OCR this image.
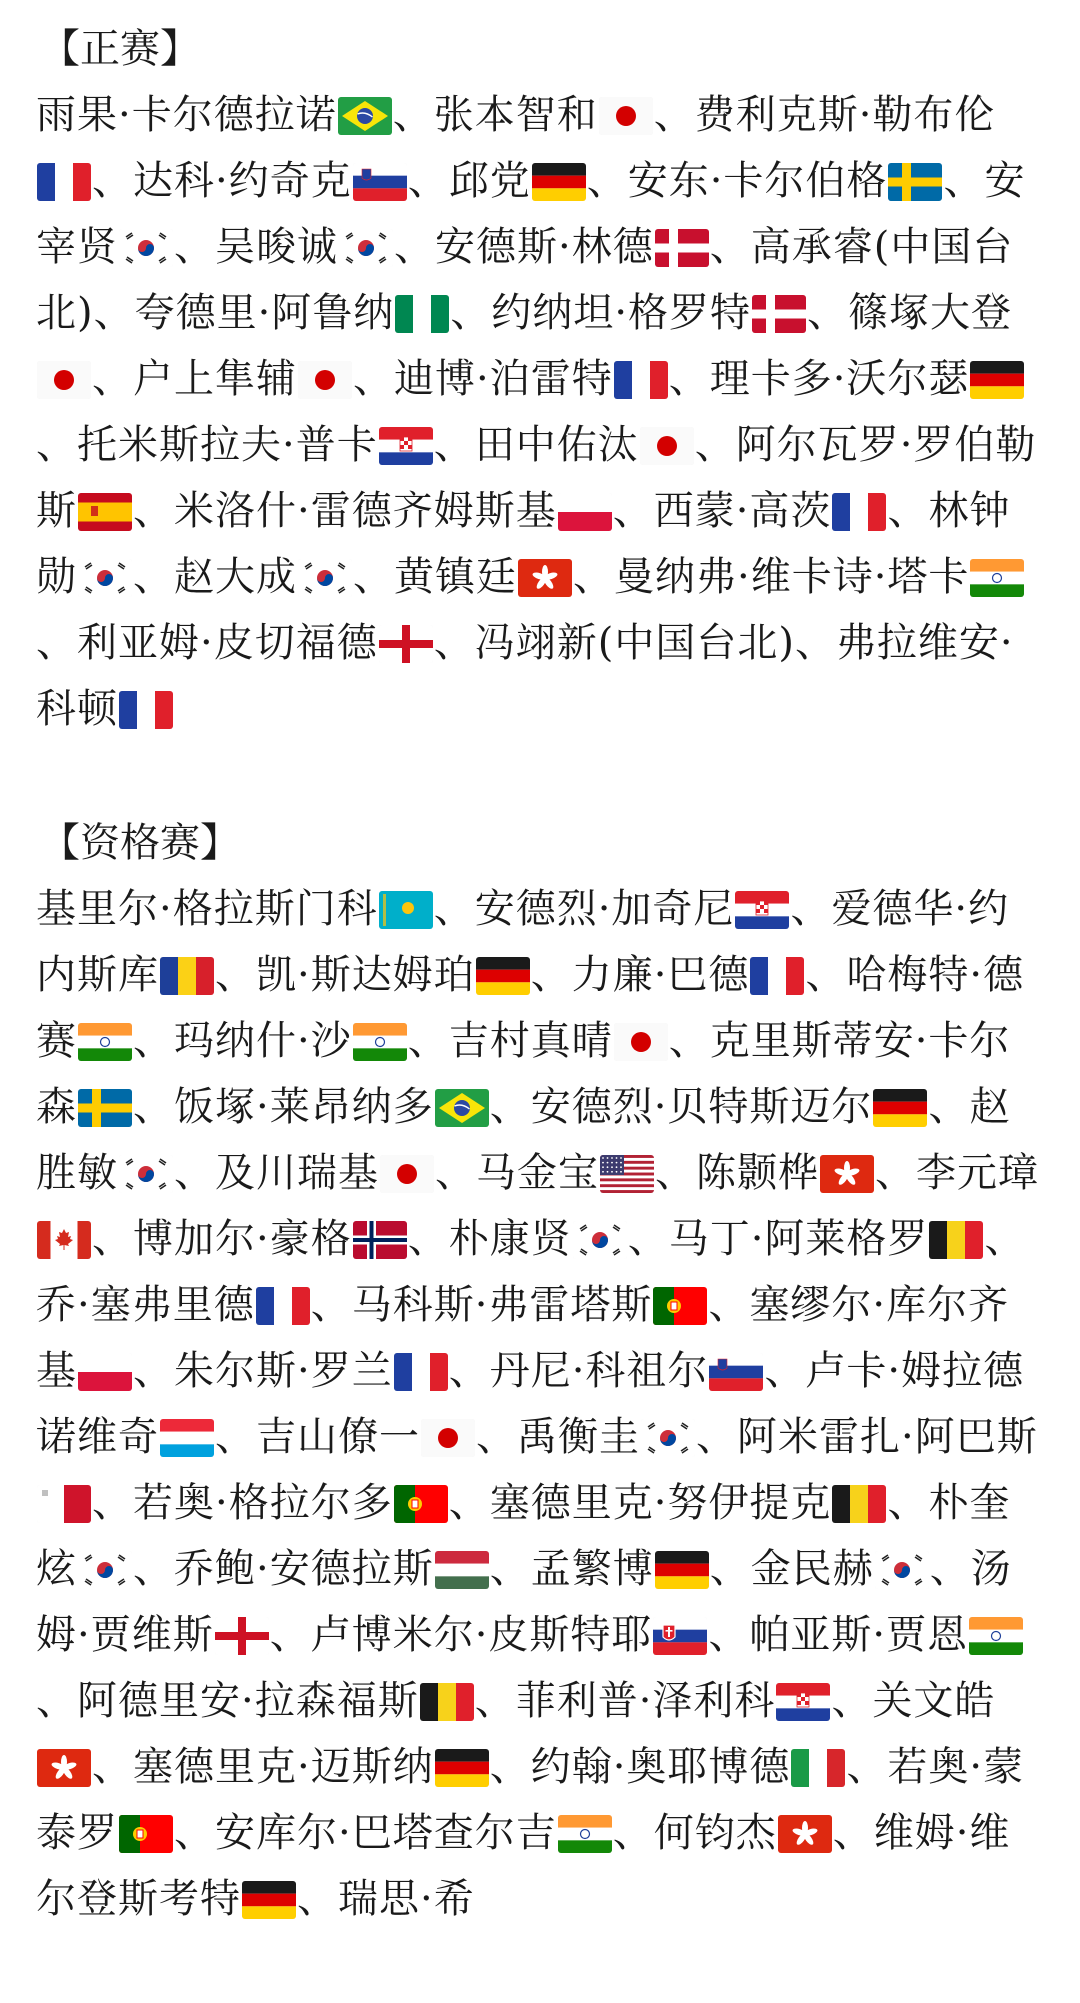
【正赛】
雨果·卡尔德拉诺 、张本智和 、费利克斯·勒布伦
、达科·约奇克 、邱党 、安东·卡尔伯格 、安宰贤 、吴晙诚 、安德斯·林德 、高承睿(中国台北)、夸德里·阿鲁纳 、约纳坦·格罗特 、篠塚大登
、户上隼辅 、迪博·泊雷特 、理卡多·沃尔瑟
、托米斯拉夫·普卡 、田中佑汰 、阿尔瓦罗·罗伯勒斯 、米洛什·雷德齐姆斯基 、西蒙·高茨 、林钟勋 、赵大成 、黄镇廷 、曼纳弗·维卡诗·塔卡
、利亚姆·皮切福德 、冯翊新(中国台北)、弗拉维安·科顿
【资格赛】
基里尔·格拉斯门科 、安德烈·加奇尼 、爱德华·约内斯库 、凯·斯达姆珀 、力廉·巴德 、哈梅特·德赛 、玛纳什·沙 、吉村真晴 、克里斯蒂安·卡尔森 、饭塚·莱昂纳多 、安德烈·贝特斯迈尔 、赵胜敏 、及川瑞基 、马金宝 、陈颢桦 、李元璋
、博加尔·豪格 、朴康贤 、马丁·阿莱格罗 、乔·塞弗里德 、马科斯·弗雷塔斯 、塞缪尔·库尔齐基 、朱尔斯·罗兰 、丹尼·科祖尔 、卢卡·姆拉德诺维奇 、吉山僚一 、禹衡圭 、阿米雷扎·阿巴斯
、若奥·格拉尔多 、塞德里克·努伊提克 、朴奎炫 、乔鲍·安德拉斯 、孟繁博 、金民赫 、汤姆·贾维斯 、卢博米尔·皮斯特耶 、帕亚斯·贾恩
、阿德里安·拉森福斯 、菲利普·泽利科 、关文皓
、塞德里克·迈斯纳 、约翰·奥耶博德 、若奥·蒙泰罗 、安库尔·巴塔查尔吉 、何钧杰 、维姆·维尔登斯考特 、瑞思·希
